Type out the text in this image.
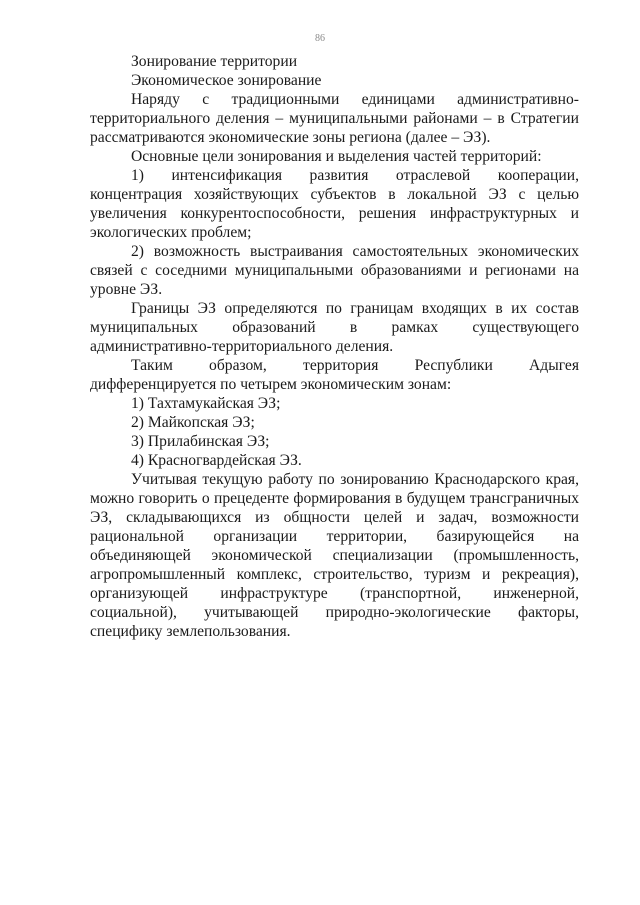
86

Зонирование территории

Экономическое зонирование

Наряду с традиционными единицами административно-территориального деления – муниципальными районами – в Стратегии рассматриваются экономические зоны региона (далее – ЭЗ).

Основные цели зонирования и выделения частей территорий:

1) интенсификация развития отраслевой кооперации, концентрация хозяйствующих субъектов в локальной ЭЗ с целью увеличения конкурентоспособности, решения инфраструктурных и экологических проблем;

2) возможность выстраивания самостоятельных экономических связей с соседними муниципальными образованиями и регионами на уровне ЭЗ.

Границы ЭЗ определяются по границам входящих в их состав муниципальных образований в рамках существующего административно-территориального деления.

Таким образом, территория Республики Адыгея дифференцируется по четырем экономическим зонам:

1) Тахтамукайская ЭЗ;

2) Майкопская ЭЗ;

3) Прилабинская ЭЗ;

4) Красногвардейская ЭЗ.

Учитывая текущую работу по зонированию Краснодарского края, можно говорить о прецеденте формирования в будущем трансграничных ЭЗ, складывающихся из общности целей и задач, возможности рациональной организации территории, базирующейся на объединяющей экономической специализации (промышленность, агропромышленный комплекс, строительство, туризм и рекреация), организующей инфраструктуре (транспортной, инженерной, социальной), учитывающей природно-экологические факторы, специфику землепользования.
